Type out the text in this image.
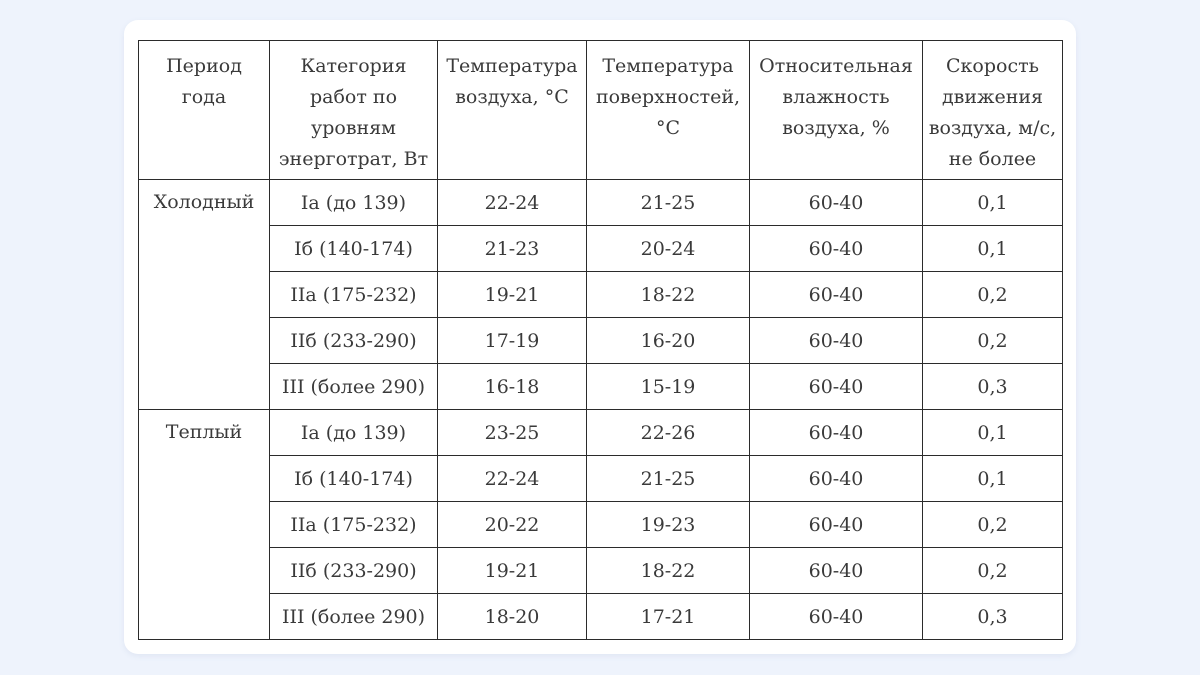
Период года	Категория работ по уровням энерготрат, Вт	Температура воздуха, °C	Температура поверхностей, °C	Относительная влажность воздуха, %	Скорость движения воздуха, м/с, не более
Холодный	Iа (до 139)	22-24	21-25	60-40	0,1
	Iб (140-174)	21-23	20-24	60-40	0,1
	IIа (175-232)	19-21	18-22	60-40	0,2
	IIб (233-290)	17-19	16-20	60-40	0,2
	III (более 290)	16-18	15-19	60-40	0,3
Теплый	Iа (до 139)	23-25	22-26	60-40	0,1
	Iб (140-174)	22-24	21-25	60-40	0,1
	IIа (175-232)	20-22	19-23	60-40	0,2
	IIб (233-290)	19-21	18-22	60-40	0,2
	III (более 290)	18-20	17-21	60-40	0,3
